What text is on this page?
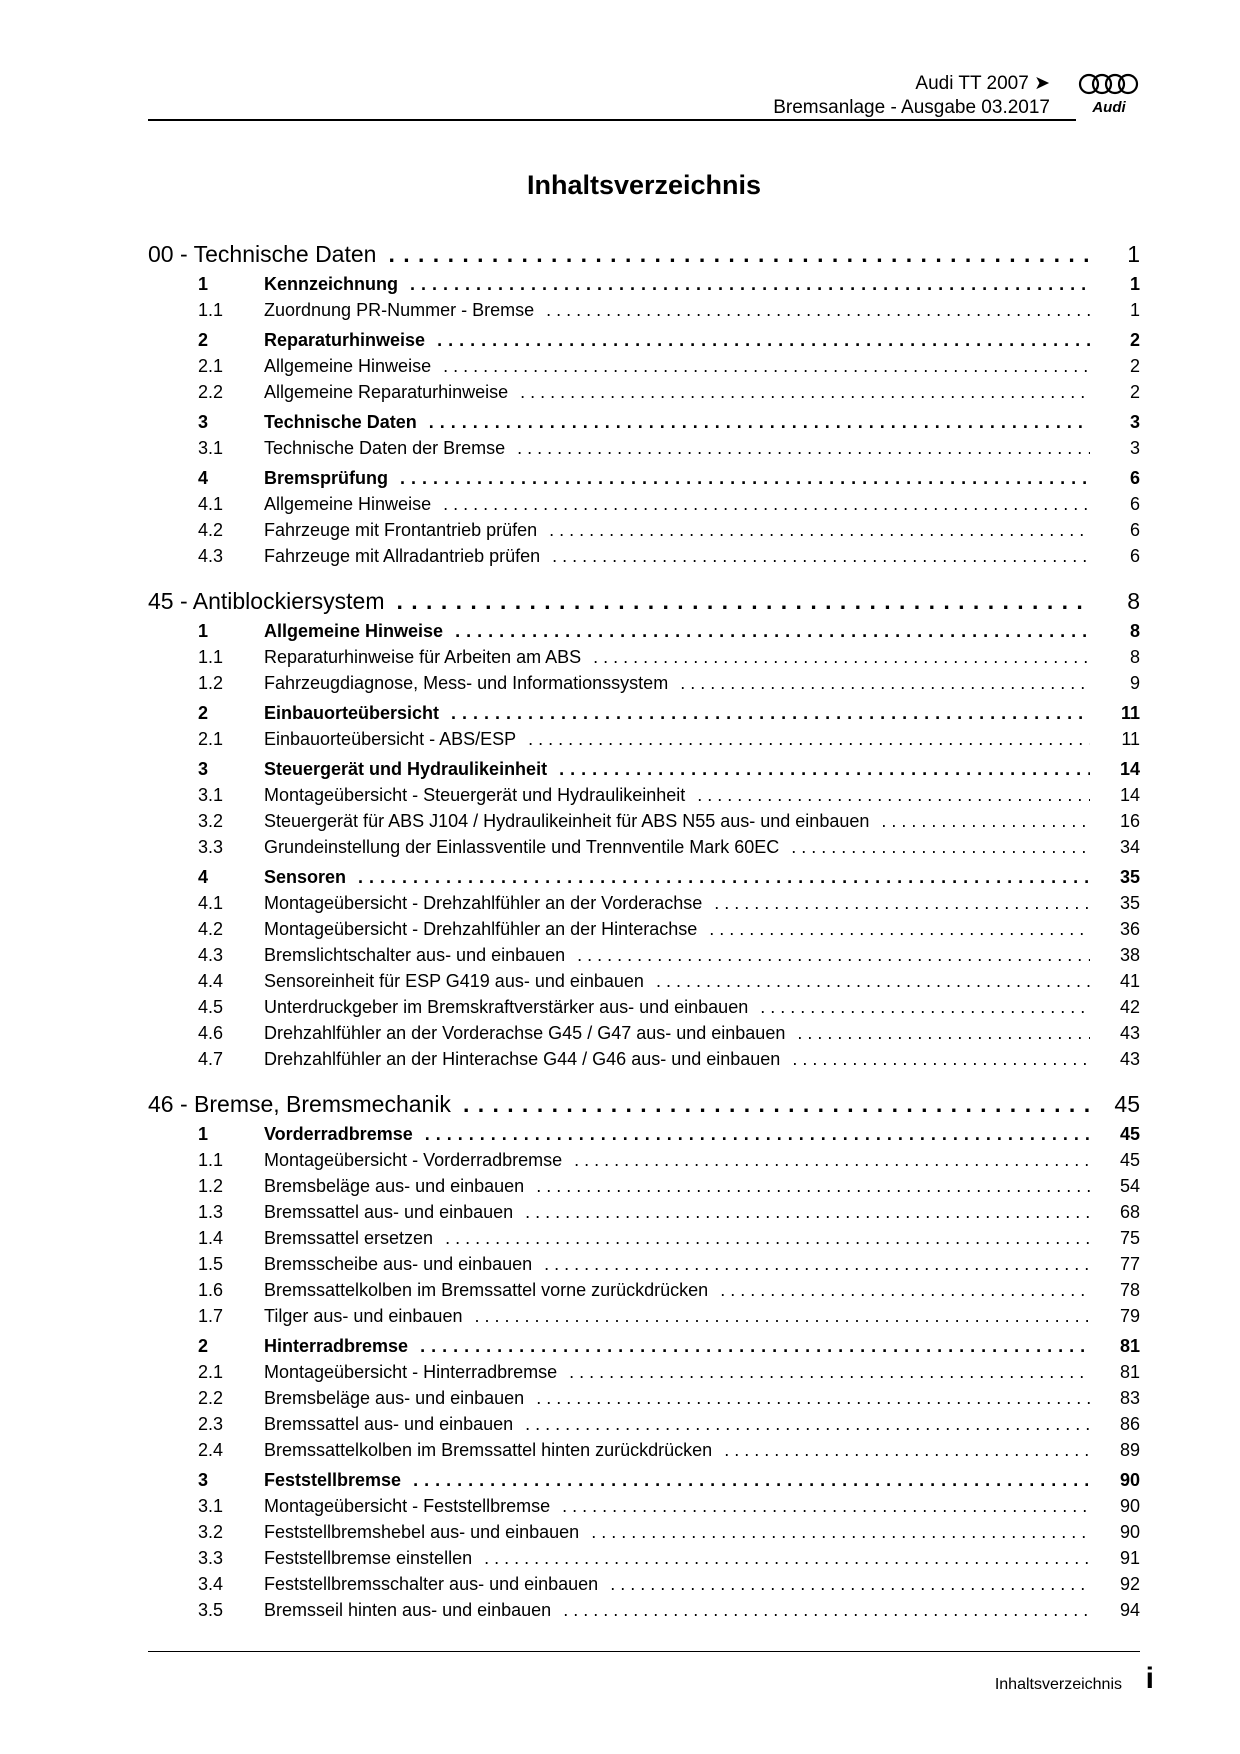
Audi TT 2007 ➤
Bremsanlage - Ausgabe 03.2017	Audi
Inhaltsverzeichnis
00 - Technische Daten . . .	1
1	Kennzeichnung . . .	1
1.1	Zuordnung PR-Nummer - Bremse . . .	1
2	Reparaturhinweise . . .	2
2.1	Allgemeine Hinweise . . .	2
2.2	Allgemeine Reparaturhinweise . . .	2
3	Technische Daten . . .	3
3.1	Technische Daten der Bremse . . .	3
4	Bremsprüfung . . .	6
4.1	Allgemeine Hinweise . . .	6
4.2	Fahrzeuge mit Frontantrieb prüfen . . .	6
4.3	Fahrzeuge mit Allradantrieb prüfen . . .	6
45 - Antiblockiersystem . . .	8
1	Allgemeine Hinweise . . .	8
1.1	Reparaturhinweise für Arbeiten am ABS . . .	8
1.2	Fahrzeugdiagnose, Mess- und Informationssystem . . .	9
2	Einbauorteübersicht . . .	11
2.1	Einbauorteübersicht - ABS/ESP . . .	11
3	Steuergerät und Hydraulikeinheit . . .	14
3.1	Montageübersicht - Steuergerät und Hydraulikeinheit . . .	14
3.2	Steuergerät für ABS J104 / Hydraulikeinheit für ABS N55 aus- und einbauen . . .	16
3.3	Grundeinstellung der Einlassventile und Trennventile Mark 60EC . . .	34
4	Sensoren . . .	35
4.1	Montageübersicht - Drehzahlfühler an der Vorderachse . . .	35
4.2	Montageübersicht - Drehzahlfühler an der Hinterachse . . .	36
4.3	Bremslichtschalter aus- und einbauen . . .	38
4.4	Sensoreinheit für ESP G419 aus- und einbauen . . .	41
4.5	Unterdruckgeber im Bremskraftverstärker aus- und einbauen . . .	42
4.6	Drehzahlfühler an der Vorderachse G45 / G47 aus- und einbauen . . .	43
4.7	Drehzahlfühler an der Hinterachse G44 / G46 aus- und einbauen . . .	43
46 - Bremse, Bremsmechanik . . .	45
1	Vorderradbremse . . .	45
1.1	Montageübersicht - Vorderradbremse . . .	45
1.2	Bremsbeläge aus- und einbauen . . .	54
1.3	Bremssattel aus- und einbauen . . .	68
1.4	Bremssattel ersetzen . . .	75
1.5	Bremsscheibe aus- und einbauen . . .	77
1.6	Bremssattelkolben im Bremssattel vorne zurückdrücken . . .	78
1.7	Tilger aus- und einbauen . . .	79
2	Hinterradbremse . . .	81
2.1	Montageübersicht - Hinterradbremse . . .	81
2.2	Bremsbeläge aus- und einbauen . . .	83
2.3	Bremssattel aus- und einbauen . . .	86
2.4	Bremssattelkolben im Bremssattel hinten zurückdrücken . . .	89
3	Feststellbremse . . .	90
3.1	Montageübersicht - Feststellbremse . . .	90
3.2	Feststellbremshebel aus- und einbauen . . .	90
3.3	Feststellbremse einstellen . . .	91
3.4	Feststellbremsschalter aus- und einbauen . . .	92
3.5	Bremsseil hinten aus- und einbauen . . .	94
Inhaltsverzeichnis i
